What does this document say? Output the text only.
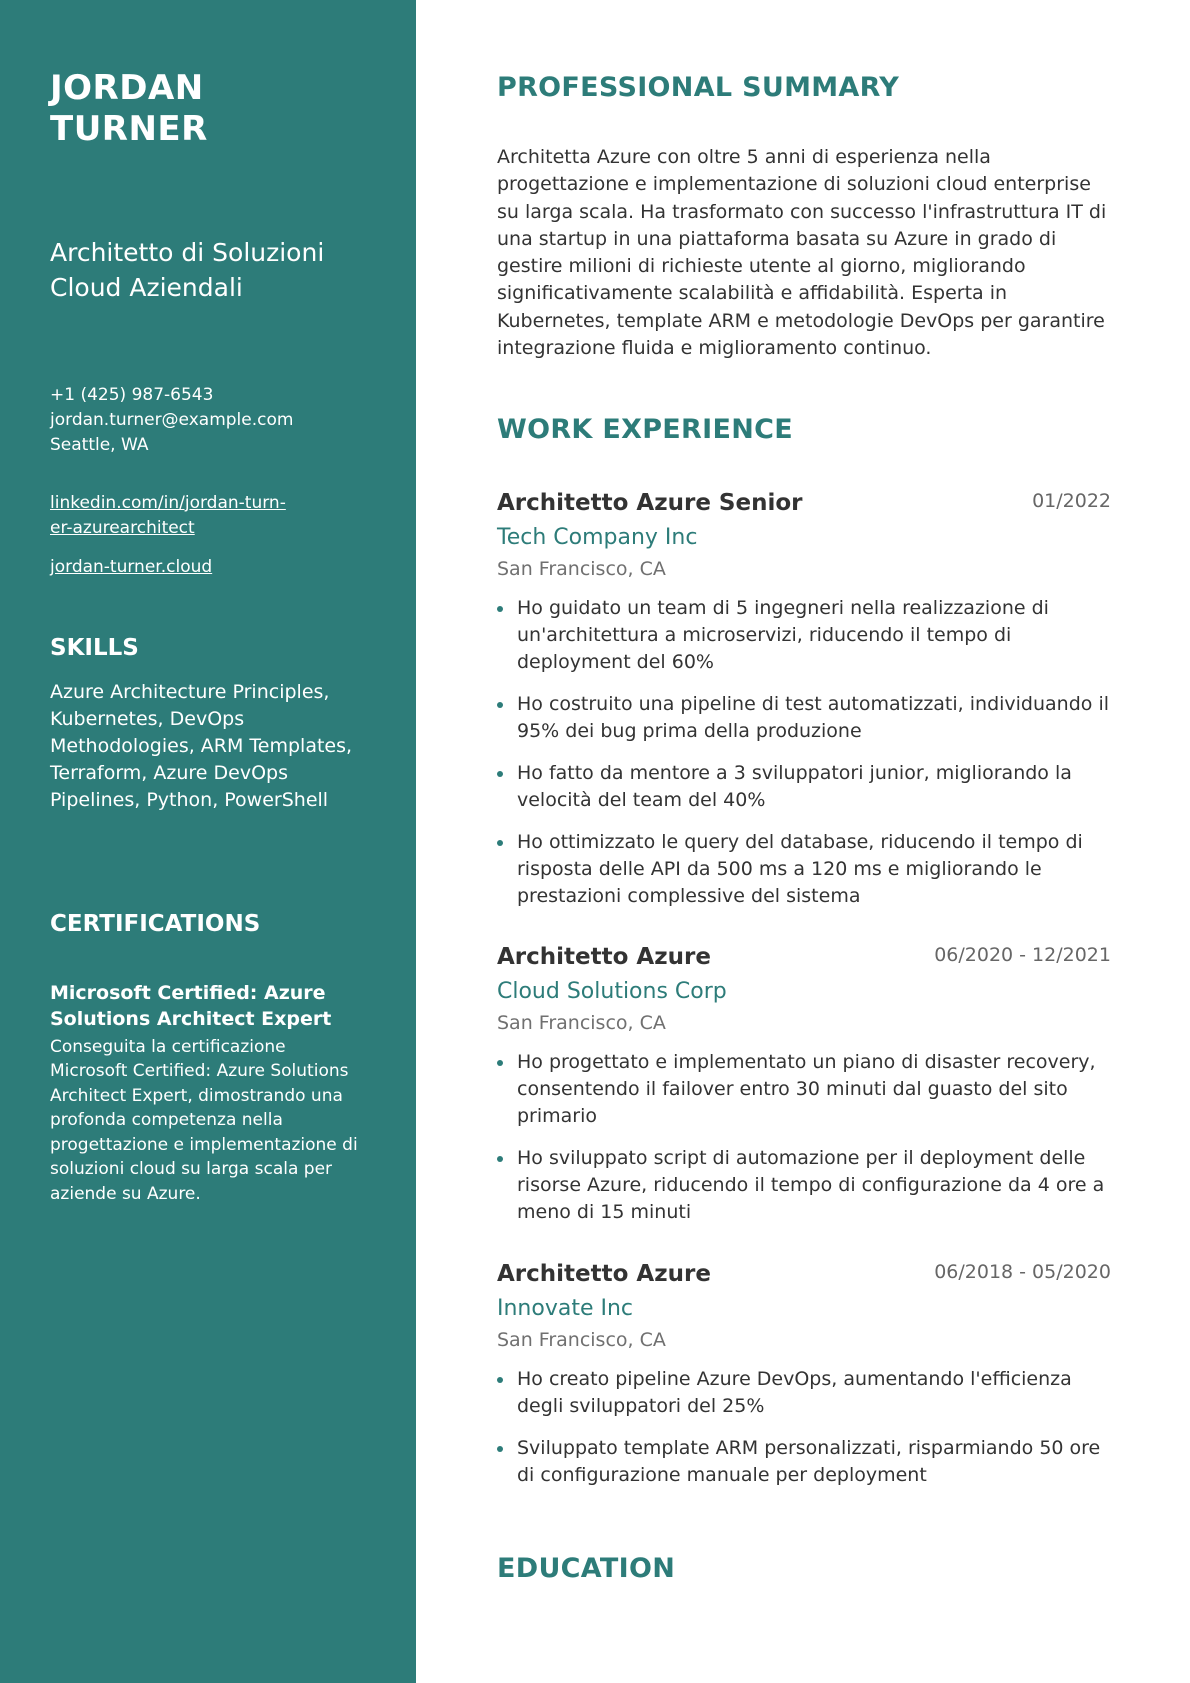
JORDAN TURNER
Architetto di Soluzioni Cloud Aziendali
+1 (425) 987-6543
jordan.turner@example.com
Seattle, WA
linkedin.com/in/jordan-turn-er-azurearchitect
jordan-turner.cloud
SKILLS
Azure Architecture Principles, Kubernetes, DevOps Methodologies, ARM Templates, Terraform, Azure DevOps Pipelines, Python, PowerShell
CERTIFICATIONS
Microsoft Certified: Azure Solutions Architect Expert
Conseguita la certificazione Microsoft Certified: Azure Solutions Architect Expert, dimostrando una profonda competenza nella progettazione e implementazione di soluzioni cloud su larga scala per aziende su Azure.
PROFESSIONAL SUMMARY

Architetta Azure con oltre 5 anni di esperienza nella progettazione e implementazione di soluzioni cloud enterprise su larga scala. Ha trasformato con successo l'infrastruttura IT di una startup in una piattaforma basata su Azure in grado di gestire milioni di richieste utente al giorno, migliorando significativamente scalabilità e affidabilità. Esperta in Kubernetes, template ARM e metodologie DevOps per garantire integrazione fluida e miglioramento continuo.

WORK EXPERIENCE
Architetto Azure Senior	01/2022
Tech Company Inc
San Francisco, CA
Ho guidato un team di 5 ingegneri nella realizzazione di un'architettura a microservizi, riducendo il tempo di deployment del 60%
Ho costruito una pipeline di test automatizzati, individuando il 95% dei bug prima della produzione
Ho fatto da mentore a 3 sviluppatori junior, migliorando la velocità del team del 40%
Ho ottimizzato le query del database, riducendo il tempo di risposta delle API da 500 ms a 120 ms e migliorando le prestazioni complessive del sistema
Architetto Azure	06/2020 - 12/2021
Cloud Solutions Corp
San Francisco, CA
Ho progettato e implementato un piano di disaster recovery, consentendo il failover entro 30 minuti dal guasto del sito primario
Ho sviluppato script di automazione per il deployment delle risorse Azure, riducendo il tempo di configurazione da 4 ore a meno di 15 minuti
Architetto Azure	06/2018 - 05/2020
Innovate Inc
San Francisco, CA
Ho creato pipeline Azure DevOps, aumentando l'efficienza degli sviluppatori del 25%
Sviluppato template ARM personalizzati, risparmiando 50 ore di configurazione manuale per deployment
EDUCATION
